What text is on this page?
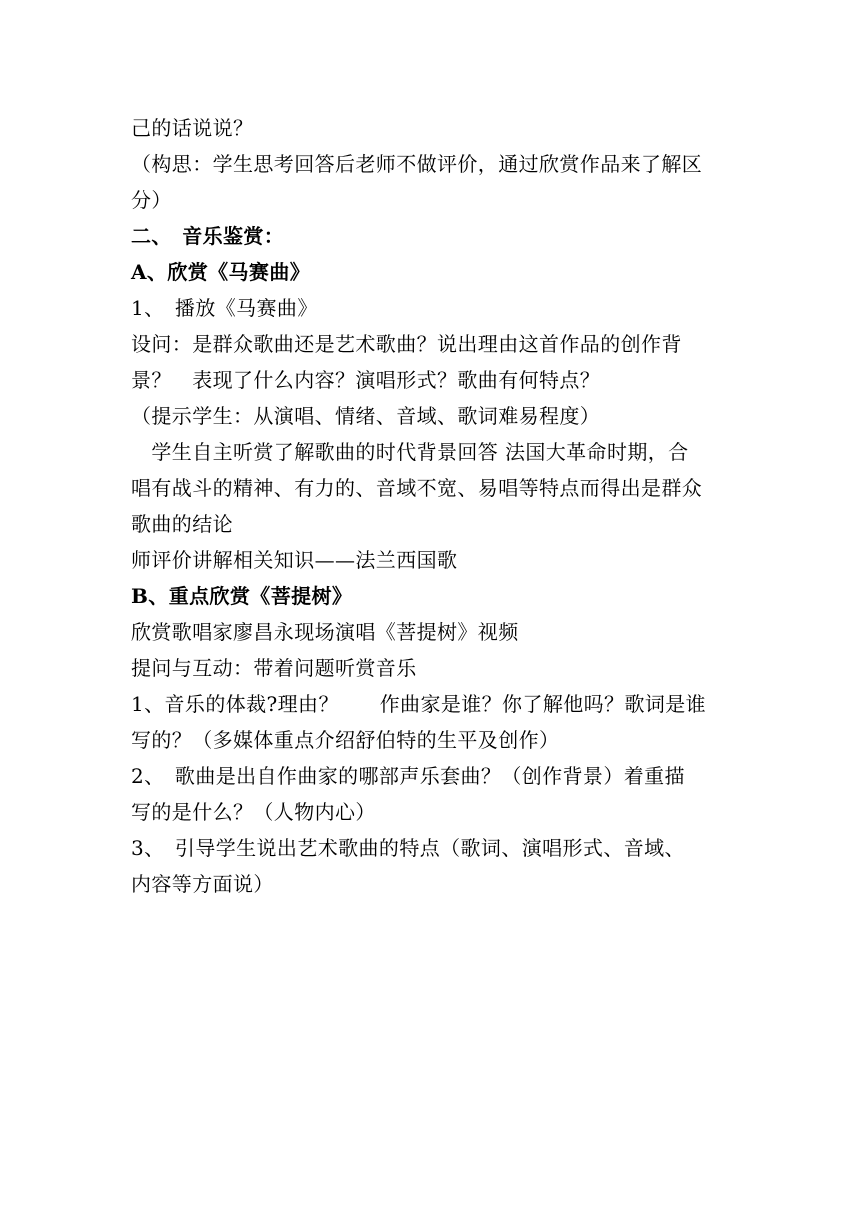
己的话说说？
（构思：学生思考回答后老师不做评价，通过欣赏作品来了解区
分）
二、　音乐鉴赏：
A、欣赏《马赛曲》
1、　播放《马赛曲》
设问：是群众歌曲还是艺术歌曲？说出理由这首作品的创作背
景？　表现了什么内容？演唱形式？歌曲有何特点？
（提示学生：从演唱、情绪、音域、歌词难易程度）
　学生自主听赏了解歌曲的时代背景回答 法国大革命时期，合
唱有战斗的精神、有力的、音域不宽、易唱等特点而得出是群众
歌曲的结论
师评价讲解相关知识——法兰西国歌
B、重点欣赏《菩提树》
欣赏歌唱家廖昌永现场演唱《菩提树》视频
提问与互动：带着问题听赏音乐
1、音乐的体裁?理由？　　作曲家是谁？你了解他吗？歌词是谁
写的？（多媒体重点介绍舒伯特的生平及创作）
2、　歌曲是出自作曲家的哪部声乐套曲？（创作背景）着重描
写的是什么？（人物内心）
3、　引导学生说出艺术歌曲的特点（歌词、演唱形式、音域、
内容等方面说）
